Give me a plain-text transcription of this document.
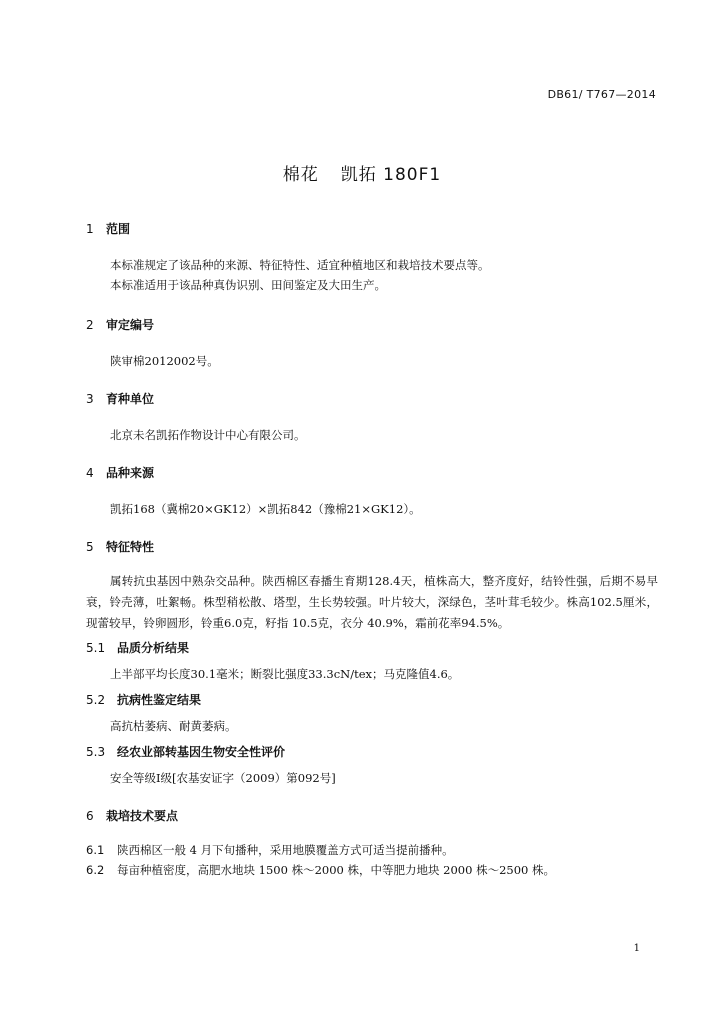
DB61/ T767—2014
棉花 凯拓 180F1
1 范围
本标准规定了该品种的来源、特征特性、适宜种植地区和栽培技术要点等。
本标准适用于该品种真伪识别、田间鉴定及大田生产。
2 审定编号
陕审棉2012002号。
3 育种单位
北京未名凯拓作物设计中心有限公司。
4 品种来源
凯拓168（冀棉20×GK12）×凯拓842（豫棉21×GK12）。
5 特征特性
属转抗虫基因中熟杂交品种。陕西棉区春播生育期128.4天，植株高大，整齐度好，结铃性强，后期不易早衰，铃壳薄，吐絮畅。株型稍松散、塔型，生长势较强。叶片较大，深绿色，茎叶茸毛较少。株高102.5厘米，现蕾较早，铃卵圆形，铃重6.0克，籽指 10.5克，衣分 40.9%，霜前花率94.5%。
5.1 品质分析结果
上半部平均长度30.1毫米；断裂比强度33.3cN/tex；马克隆值4.6。
5.2 抗病性鉴定结果
高抗枯萎病、耐黄萎病。
5.3 经农业部转基因生物安全性评价
安全等级Ⅰ级[农基安证字（2009）第092号]
6 栽培技术要点
6.1 陕西棉区一般 4 月下旬播种，采用地膜覆盖方式可适当提前播种。
6.2 每亩种植密度，高肥水地块 1500 株～2000 株，中等肥力地块 2000 株～2500 株。
1
